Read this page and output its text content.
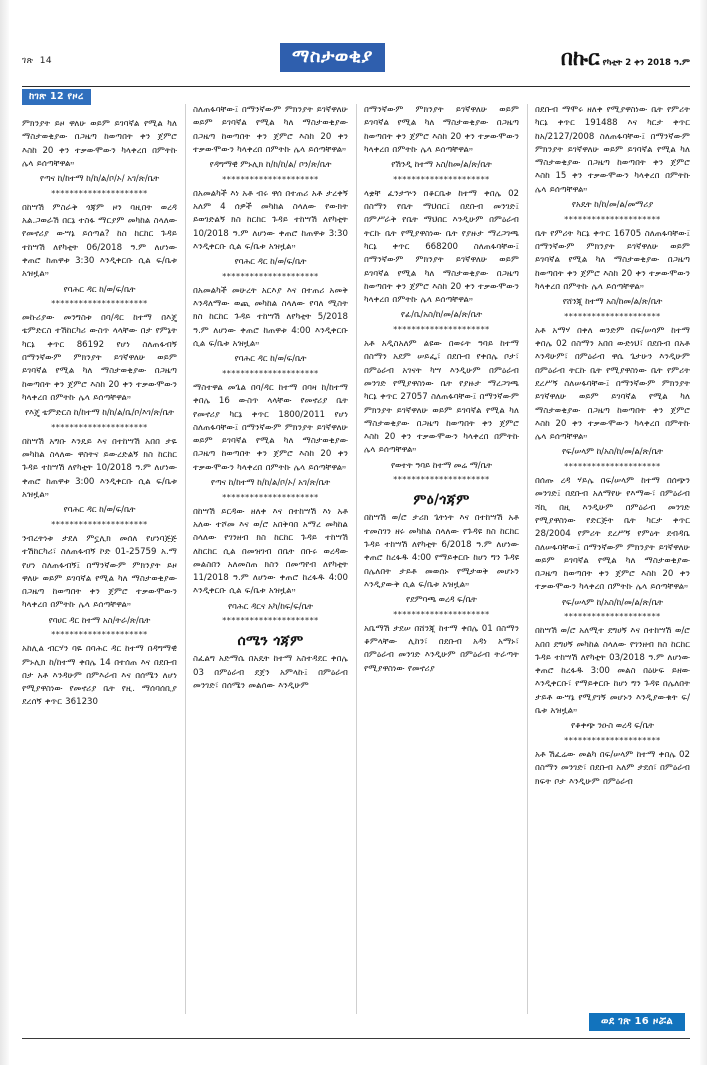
ገጽ 14	ማስታወቂያ	በኩር የካቲት 2 ቀን 2018 ዓ.ም
ከገጽ 12 የዞረ

ምክንያት ይዞ ዋለሁ ወይም ይገባኛል የሚል ካለ ማስታወቂያው በጋዜጣ ከወጣበት ቀን ጀምሮ እስከ 20 ቀን ተቃውሞውን ካላቀረበ በምትኩ ሌላ ይሰጣቸዋል።

የጣና ከ/ከተማ ከ/ከ/ል/ቦ/ኦ/ አገ/ጽ/ቤት
*********************

በከሣሽ ምስራቅ ጎጃም ዞን ባዚበት ወረዳ አል.ጋወራሽ በርኔ ተስፋ ማርያም መካከል ስላለው የመኖሪያ ውሣኔ ይሰጣል? ከስ ከርከር ጉዳይ ተከሣሽ ለየካቲት 06/2018 ዓ.ም ለሆነው ቀጠሮ ከጠዋቱ 3:30 እንዲቀርቡ ሲል ፍ/ቤቱ አዝዟል።

የባሕር ዳር ከ/ወ/ፍ/ቤት
*********************

መኩሪያው መንግስቱ በባ/ዳር ከተማ በእጄ ቴምድርስ ተሽከርካሪ ውስጥ ላላቸው በታ የምኔት ካርኔ ቀጥር 86192 የሆነ ስለጠፋብኝ በማንኛውም ምክንያት ይገኛዋለሁ ወይም ይገባኛል የሚል ካለ ማስታወቂያው በጋዜጣ ከወጣበት ቀን ጀምሮ እስከ 20 ቀን ተቃውሞውን ካላቀረበ በምትኩ ሌላ ይሰጣቸዋል።

የእጄ ቴምድርስ ከ/ከተማ ከ/ከ/ል/ቤ/ቦ/እገ/ጽ/ቤት
*********************

በከሣሽ አግቡ እንዴይ እና በተከሣሽ አበበ ታዬ መካከል ስላለው ዋስትና ይውረድልኝ ክስ ከርከር ጉዳይ ተከሣሽ ለየካቲት 10/2018 ዓ.ም ለሆነው ቀጠሮ ከጠዋቱ 3:00 እንዲቀርቡ ሲል ፍ/ቤቱ አዝዟል።

የባሕር ዳር ከ/ወ/ፍ/ቤት
*********************

ንብረትነቱ ታደለ ምኗሊክ መሰለ የሆነባጅጅ ተሽከርካሪ፣ ስለጠፋብኝ ኮድ 01-25759 አ.ማ የሆነ ስለጠፋብኝ፤ በማንኛውም ምክንያት ይዞ ዋለሁ ወይም ይገባኛል የሚል ካለ ማስታወቂያው በጋዜጣ ከወጣበት ቀን ጀምሮ ተቃውሞውን ካላቀረበ በምትኩ ሌላ ይሰጣቸዋል።

የባሀር ዳር ከተማ አስ/ትራ/ጽ/ቤት
*********************

አከሊል ብርሃን ባዬ በባሕር ዳር ከተማ በዳግማዊ ምኑሊክ ከ/ከተማ ቀበሌ 14 በተሰጠ እና በደቡብ በታ አቶ እንዳሁም በምእራብ እና በሰሜን ለሆነ የሚያዋስነው የመኖሪያ ቤት የዚ. ማሰባሰቢያ ደረሰኝ ቀጥር 361230

ስለጠፋባቸው፤ በማንኛውም ምክንያት ይገኛዋለሁ ወይም ይገባኛል የሚል ካለ ማስታወቂያው በጋዜጣ ከወጣበት ቀን ጀምሮ እስከ 20 ቀን ተቃውሞውን ካላቀረበ በምትኩ ሌላ ይሰጣቸዋል።

የዳግማዊ ምኑሊክ ከ/ከ/ከ/ል/ ቦን/ጽ/ቤት
*********************

በአመልካች እነ አቶ ብሩ ዋሰ በተጠሪ አቶ ታረቀኝ አለም 4 ሰዎች መካከል ስላለው የውክት ይወገድልኝ ክስ ከርከር ጉዳይ ተከሣሽ ለየካቲት 10/2018 ዓ.ም ለሆነው ቀጠሮ ከጠዋቱ 3:30 እንዲቀርቡ ሲል ፍ/ቤቱ አዝዟል።

የባሕር ዳር ከ/ወ/ፍ/ቤት
*********************

በአመልካች መሁረት አርእያ እና በተጠሪ አመቅ እንዳለማው ወጪ መካከል ስላለው የባለ ሚስት ክስ ከርከር ጉዳይ ተከሣሽ ለየካቲት 5/2018 ዓ.ም ለሆነው ቀጠሮ ከጠዋቱ 4:00 እንዲቀርቡ ሲል ፍ/ቤቱ አዝዟል።

የባሕር ዳር ከ/ወ/ፍ/ቤት
*********************

ማስተዋል መጌል በባ/ዳር ከተማ በባዛ ከ/ከተማ ቀበሌ 16 ውስጥ ላላቸው የመኖሪያ ቤት የመኖሪያ ካርኔ ቀጥር 1800/2011 የሆነ ስለጠፋባቸው፤ በማንኛውም ምክንያት ይገኛዋለሁ ወይም ይገባኛል የሚል ካለ ማስታወቂያው በጋዜጣ ከወጣበት ቀን ጀምሮ እስከ 20 ቀን ተቃውሞውን ካላቀረበ በምትኩ ሌላ ይሰጣቸዋል።

የጣና ከ/ከተማ ከ/ከ/ል/ቦ/ኦ/ አገ/ጽ/ቤት
*********************

በከሣሽ ይርዳው ዘለቀ እና በተከሣሽ እነ አቶ አለው ተሾመ እና ወ/ሮ አበቅባበ አማረ መካከል ስላለው የገንዘብ ክስ ከርከር ጉዳይ ተከሣሽ ለከርከር ሲል በመዝገብ በቤት በቡሩ ወረዳው መልስበን አለመስጠ ክስን በመጣየብ ለየካቲት 11/2018 ዓ.ም ለሆነው ቀጠሮ ከረፋዱ 4:00 እንዲቀርቡ ሲል ፍ/ቤቱ አዝዟል።

የባሕር ዳርና አካ/ከፍ/ፍ/ቤት
*********************
ሰሜን ጎጃም

ስፈልግ አድማሴ በአዴት ከተማ አስተዳደር ቀበሌ 03 በምዕራብ ደጀን አምላኩ፤ በምዕራብ መንገድ፣ በሰሜን መልሰው እንዲሁም

በማንኛውም ምክንያት ይገኛዋለሁ ወይም ይገባኛል የሚል ካለ ማስታወቂያው በጋዜጣ ከወጣበት ቀን ጀምሮ እስከ 20 ቀን ተቃውሞውን ካላቀረበ በምትኩ ሌላ ይሰጣቸዋል።

የሽንዲ ከተማ አስ/ከመ/ል/ጽ/ቤት
*********************

ላቋቸ ፈንታኍን በቆርቤቱ ከተማ ቀበሌ 02 በስማን የቤት ማህበር፤ በደቡብ መንገድ፤ በምሥራቅ የቤት ማህበር እንዲሁም በምዕራብ ትርኩ ቤት የሚያዋስነው ቤት የያዙታ ማረጋገጫ ካርኔ ቀጥር 668200 ስለጠፋባቸው፤ በማንኛውም ምክንያት ይገኛዋለሁ ወይም ይገባኛል የሚል ካለ ማስታወቂያው በጋዜጣ ከወጣበት ቀን ጀምሮ እስከ 20 ቀን ተቃውሞውን ካላቀረበ በምትኩ ሌላ ይሰጣቸዋል።

የፊ/ቤ/አስ/ከ/መ/ል/ጽ/ቤት
*********************

አቶ አዲስአለም ልዩው በወሩት ዓባይ ከተማ በስማን አደም ሠይፌ፣ በደቡብ የቀበሌ ቦታ፣ በምዕራብ አገናት ካሣ እንዲሁም በምዕራብ መንገድ የሚያዋስነው ቤት የያዙታ ማረጋገጫ ካርኔ ቀጥር 27057 ስለጠፋባቸው፤ በማንኛውም ምክንያት ይገኛዋለሁ ወይም ይገባኛል የሚል ካለ ማስታወቂያው በጋዜጣ ከወጣበት ቀን ጀምሮ እስከ 20 ቀን ተቃውሞውን ካላቀረበ በምትኩ ሌላ ይሰጣቸዋል።

የወተት ዓባይ ከተማ መሬ ማ/ቤት
*********************
ምዕ/ጎጃም

በከሣሽ ወ/ሮ ታሪክ ጌትነት እና በተከሣሽ አቶ ተመስገን ዘሩ መካከል ስላለው የጉዳዩ ክስ ከርከር ጉዳይ ተከሣሽ ለየካቲት 6/2018 ዓ.ም ለሆነው ቀጠሮ ከረፋዱ 4:00 የማይቀርቡ ከሆነ ግን ጉዳዩ በሌለበት ታይቶ መወሰኑ የሚታወቅ መሆኑን እንዲያውቅ ሲል ፍ/ቤቱ አዝዟል።

የደምባጫ ወረዳ ፍ/ቤት
*********************

አቤማሽ ታደሠ በሸንጂ ከተማ ቀበሌ 01 በስማን ቆምላቸው ሊከን፣ በደቡብ አዳነ አማኑ፣ በምዕራብ መንገድ እንዲሁም በምዕራብ ትራጣት የሚያዋስነው የመኖሪያ

በደቡብ ማሞሩ ዘለቀ የሚያዋስነው ቤት የምሪት ካርኔ ቀጥር 191488 እና ካርታ ቀጥር ከአ/2127/2008 ስለጠፋባቸው፤ በማንኛውም ምክንያት ይገኛዋለሁ ወይም ይገባኛል የሚል ካለ ማስታወቂያው በጋዜጣ ከወጣበት ቀን ጀምሮ እስከ 15 ቀን ተቃውሞውን ካላቀረበ በምትኩ ሌላ ይሰጣቸዋል።

የአዴት ከ/ከ/መ/ል/መማሪያ
*********************

ቤት የምሪት ካርኔ ቀጥር 16705 ስለጠፋባቸው፤ በማንኛውም ምክንያት ይገኛዋለሁ ወይም ይገባኛል የሚል ካለ ማስታወቂያው በጋዜጣ ከወጣበት ቀን ጀምሮ እስከ 20 ቀን ተቃውሞውን ካላቀረበ በምትኩ ሌላ ይሰጣቸዋል።

የሸንጂ ከተማ አስ/ከመ/ል/ጽ/ቤት
*********************

አቶ አማሃ በቀለ ወንድም በፍ/ሠሳም ከተማ ቀበሌ 02 በስማን አበበ ውድነህ፣ በደቡብ በአቶ እንዳሁም፣ በምዕራብ ዋሴ ጌታሁን እንዲሁም በምዕራብ ትርኩ ቤት የሚያዋስነው ቤት የምሪት ደረሥኝ ስለሠፋባቸው፤ በማንኛውም ምክንያት ይገኛዋለሁ ወይም ይገባኛል የሚል ካለ ማስታወቂያው በጋዜጣ ከወጣበት ቀን ጀምሮ እስከ 20 ቀን ተቃውሞውን ካላቀረበ በምትኩ ሌላ ይሰጣቸዋል።

የፍ/ሠላም ከ/አስ/ከ/መ/ል/ጽ/ቤት
*********************

በሰጡ ረዳ ሃይሌ በፍ/ሠላም ከተማ በሰጭን መንገድ፤ በደቡብ አለማየሁ የእማው፣ በምዕራብ ሻኪ በዚ እንዲሁም በምዕራብ መንገድ የሚያዋስነው የድርጅት ቤት ካርታ ቀጥር 28/2004 የምሪት ደረሥኝ የምዕት ደብዳቤ ስለሠፋባቸው፤ በማንኛውም ምክንያት ይገኛዋለሁ ወይም ይገባኛል የሚል ካለ ማስታወቂያው በጋዜጣ ከወጣበት ቀን ጀምሮ እስከ 20 ቀን ተቃውሞውን ካላቀረበ በምትኩ ሌላ ይሰጣቸዋል።

የፍ/ሠላም ከ/አስ/ከ/መ/ል/ጽ/ቤት
*********************

በከሣሽ ወ/ሮ አለሚተ ደግሀኝ እና በተከሣሽ ወ/ሮ አበበ ደግሀኝ መካከል ስላለው የገንዘብ ክስ ከርከር ጉዳይ ተከሣሽ ለየካቲት 03/2018 ዓ.ም ለሆነው ቀጠሮ ከረፋዱ 3:00 መልስ በዕሁፍ ይዘው እንዲቀርቡ፣ የማይቀርቡ ከሆነ ግን ጉዳዩ በሌለበት ታይቶ ውሣኔ የሚያገኝ መሆኑን እንዲያውቁት ፍ/ቤቱ አዝዟል።

የቆቀጭ ንዑስ ወረዳ ፍ/ቤት
*********************

አቶ ሽፈሬው መልካ በፍ/ሠላም ከተማ ቀበሌ 02 በስማን መንገድ፣ በደቡብ አለም ታደሰ፣ በምዕራብ ክፍት ቦታ እንዲሁም በምዕራብ

ወደ ገጽ 16 ዞሯል
